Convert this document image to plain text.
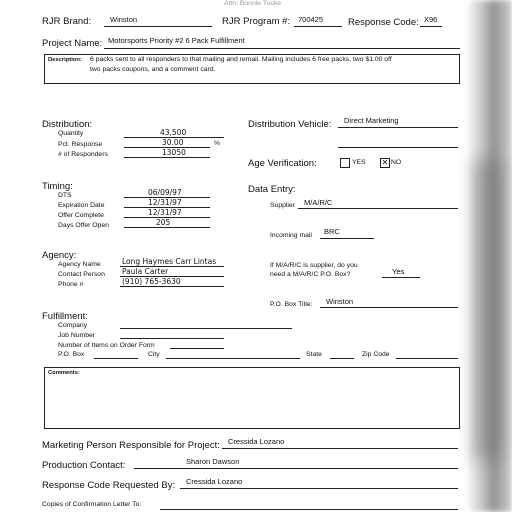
Attn: Bonnie Tucke
RJR Brand:	Winston	RJR Program #: 700425	Response Code: X96
Project Name: Motorsports Priority #2 6 Pack Fulfillment
Description: 6 packs sent to all responders to that mailing and remail. Mailing includes 6 free packs, two $1.00 off
two packs coupons, and a comment card.
Distribution:
Quantity	43,500
Pct. Response	30.00	%
# of Responders	13050
Distribution Vehicle: Direct Marketing
Age Verification:	YES ✕ NO
Timing:
DTS	06/09/97
Expiration Date	12/31/97
Offer Complete	12/31/97
Days Offer Open	205
Data Entry:
Supplier M/A/R/C
Incoming mail BRC
If M/A/R/C is supplier, do you
need a M/A/R/C P.O. Box?	Yes
P.O. Box Title: Winston
Agency:
Agency Name	Long Haymes Carr Lintas
Contact Person Paula Carter
Phone #	(910) 765-3630
Fulfillment:
Company
Job Number
Number of Items on Order Form
P.O. Box	City	State	Zip Code
Comments:
Marketing Person Responsible for Project: Cressida Lozano
Production Contact:	Sharon Dawson
Response Code Requested By: Cressida Lozano
Copies of Confirmation Letter To:
